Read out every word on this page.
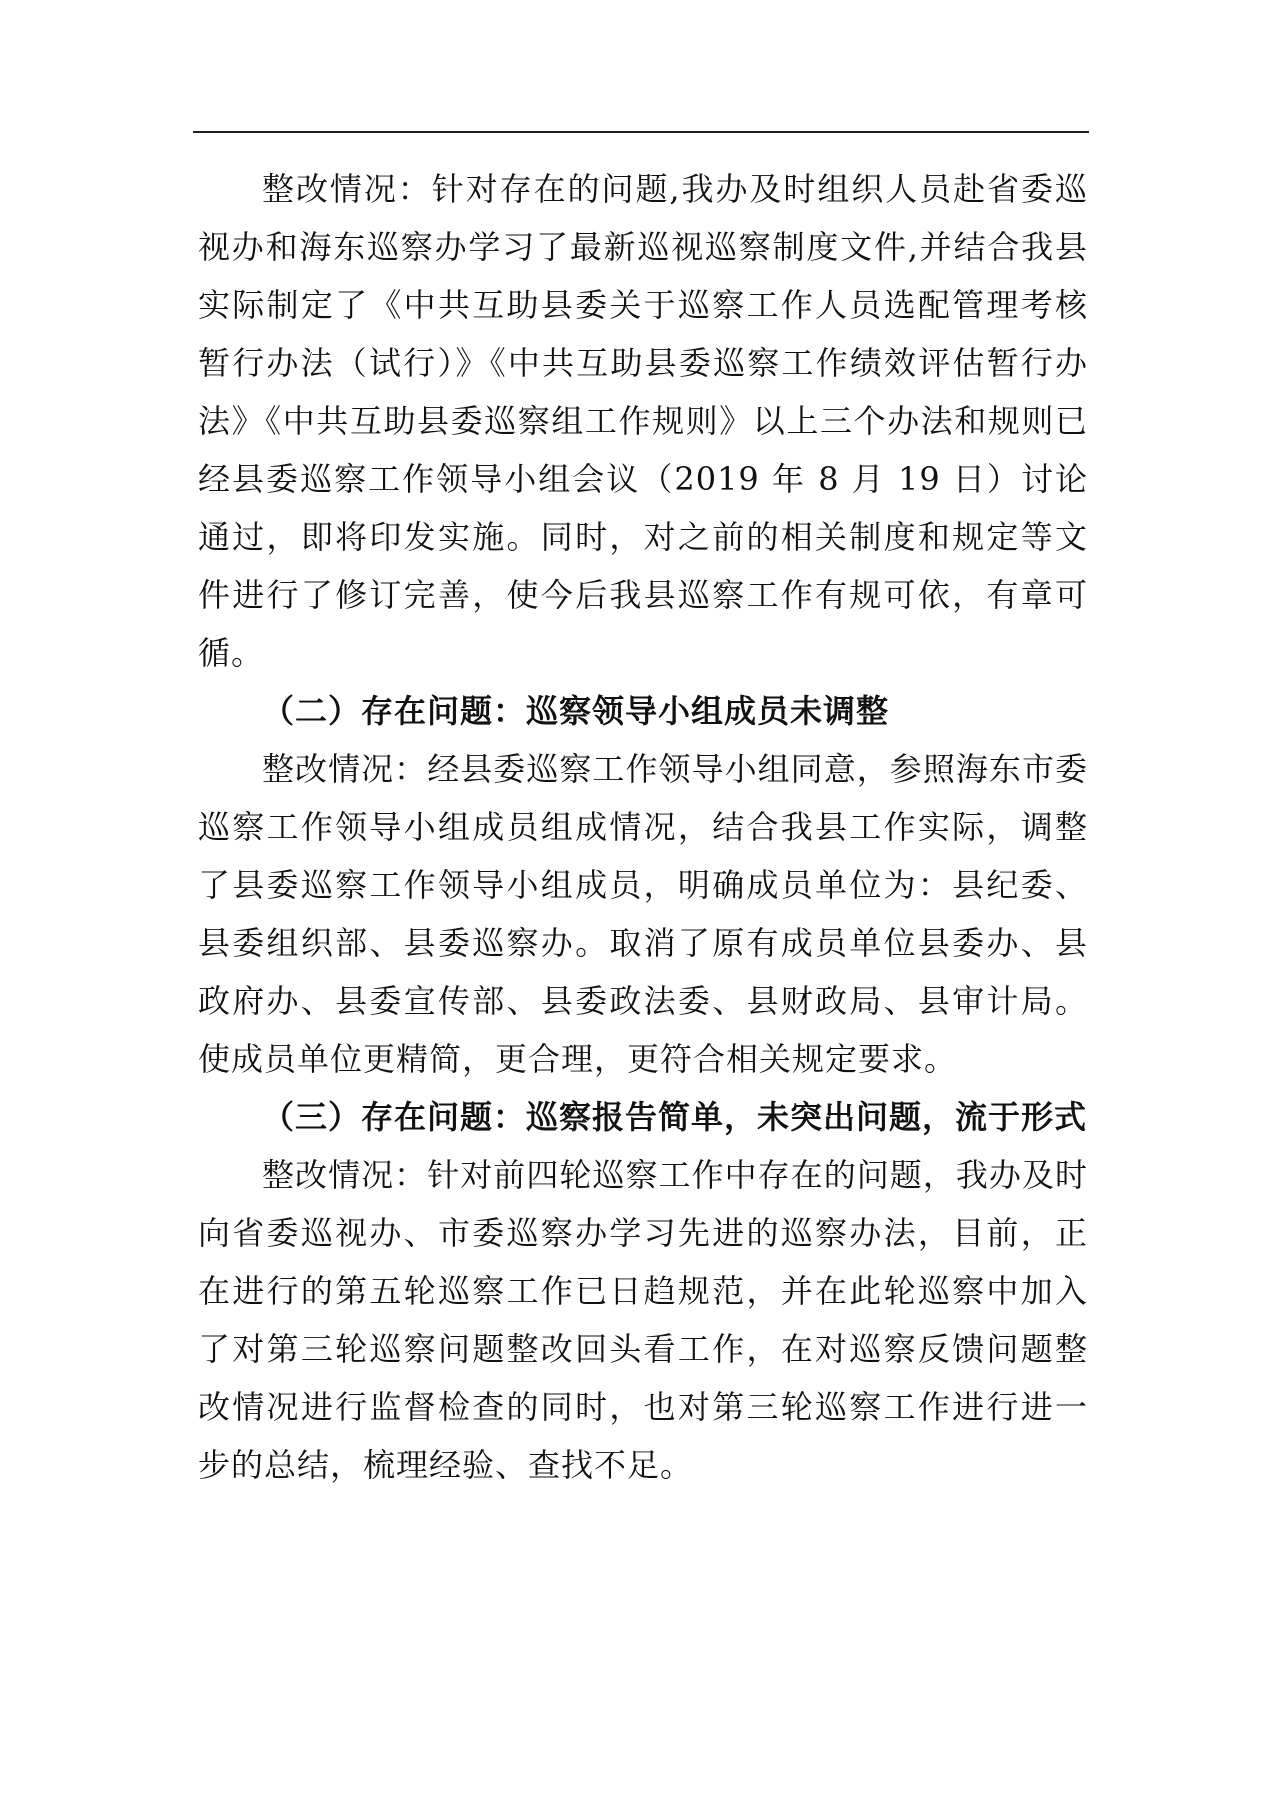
整改情况：针对存在的问题,我办及时组织人员赴省委巡视办和海东巡察办学习了最新巡视巡察制度文件,并结合我县实际制定了《中共互助县委关于巡察工作人员选配管理考核暂行办法（试行）》《中共互助县委巡察工作绩效评估暂行办法》《中共互助县委巡察组工作规则》以上三个办法和规则已经县委巡察工作领导小组会议（2019 年 8 月 19 日）讨论通过，即将印发实施。同时，对之前的相关制度和规定等文件进行了修订完善，使今后我县巡察工作有规可依，有章可循。

（二）存在问题：巡察领导小组成员未调整

整改情况：经县委巡察工作领导小组同意，参照海东市委巡察工作领导小组成员组成情况，结合我县工作实际，调整了县委巡察工作领导小组成员，明确成员单位为：县纪委、县委组织部、县委巡察办。取消了原有成员单位县委办、县政府办、县委宣传部、县委政法委、县财政局、县审计局。使成员单位更精简，更合理，更符合相关规定要求。

（三）存在问题：巡察报告简单，未突出问题，流于形式

整改情况：针对前四轮巡察工作中存在的问题，我办及时向省委巡视办、市委巡察办学习先进的巡察办法，目前，正在进行的第五轮巡察工作已日趋规范，并在此轮巡察中加入了对第三轮巡察问题整改回头看工作，在对巡察反馈问题整改情况进行监督检查的同时，也对第三轮巡察工作进行进一步的总结，梳理经验、查找不足。
